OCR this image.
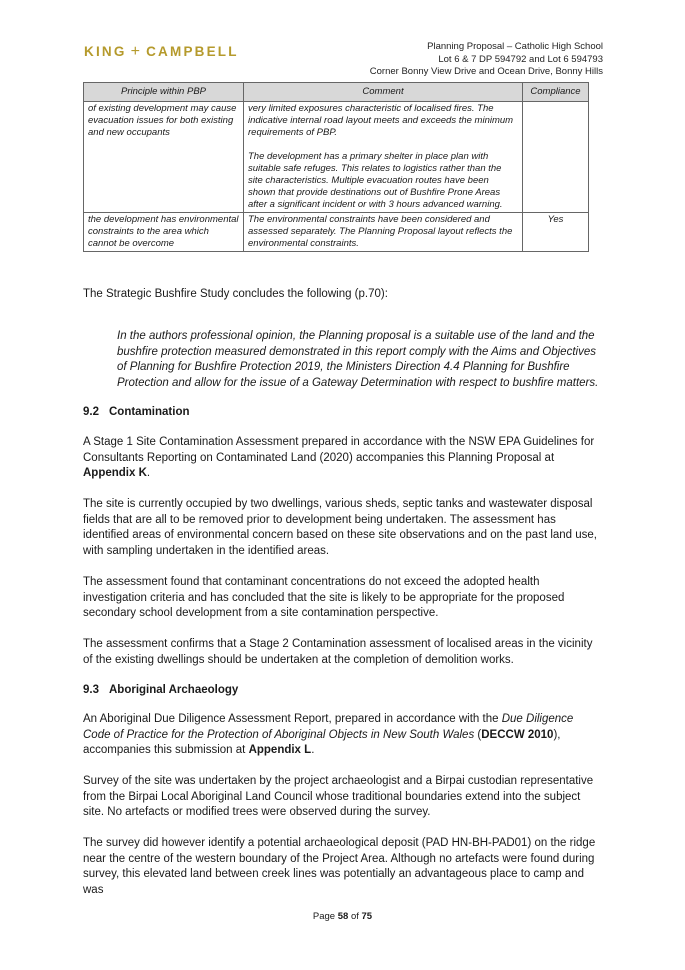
KING + CAMPBELL	Planning Proposal – Catholic High School
Lot 6 & 7 DP 594792 and Lot 6 594793
Corner Bonny View Drive and Ocean Drive, Bonny Hills
Principle within PBP	Comment	Compliance
of existing development may cause evacuation issues for both existing and new occupants	very limited exposures characteristic of localised fires. The indicative internal road layout meets and exceeds the minimum requirements of PBP.
The development has a primary shelter in place plan with suitable safe refuges. This relates to logistics rather than the site characteristics. Multiple evacuation routes have been shown that provide destinations out of Bushfire Prone Areas after a significant incident or with 3 hours advanced warning.	

the development has environmental constraints to the area which cannot be overcome	The environmental constraints have been considered and assessed separately. The Planning Proposal layout reflects the environmental constraints.	Yes
The Strategic Bushfire Study concludes the following (p.70):
In the authors professional opinion, the Planning proposal is a suitable use of the land and the bushfire protection measured demonstrated in this report comply with the Aims and Objectives of Planning for Bushfire Protection 2019, the Ministers Direction 4.4 Planning for Bushfire Protection and allow for the issue of a Gateway Determination with respect to bushfire matters.
9.2 Contamination
A Stage 1 Site Contamination Assessment prepared in accordance with the NSW EPA Guidelines for Consultants Reporting on Contaminated Land (2020) accompanies this Planning Proposal at Appendix K.
The site is currently occupied by two dwellings, various sheds, septic tanks and wastewater disposal fields that are all to be removed prior to development being undertaken. The assessment has identified areas of environmental concern based on these site observations and on the past land use, with sampling undertaken in the identified areas.
The assessment found that contaminant concentrations do not exceed the adopted health investigation criteria and has concluded that the site is likely to be appropriate for the proposed secondary school development from a site contamination perspective.
The assessment confirms that a Stage 2 Contamination assessment of localised areas in the vicinity of the existing dwellings should be undertaken at the completion of demolition works.
9.3 Aboriginal Archaeology
An Aboriginal Due Diligence Assessment Report, prepared in accordance with the Due Diligence Code of Practice for the Protection of Aboriginal Objects in New South Wales (DECCW 2010), accompanies this submission at Appendix L.
Survey of the site was undertaken by the project archaeologist and a Birpai custodian representative from the Birpai Local Aboriginal Land Council whose traditional boundaries extend into the subject site. No artefacts or modified trees were observed during the survey.
The survey did however identify a potential archaeological deposit (PAD HN-BH-PAD01) on the ridge near the centre of the western boundary of the Project Area. Although no artefacts were found during survey, this elevated land between creek lines was potentially an advantageous place to camp and was
Page 58 of 75
